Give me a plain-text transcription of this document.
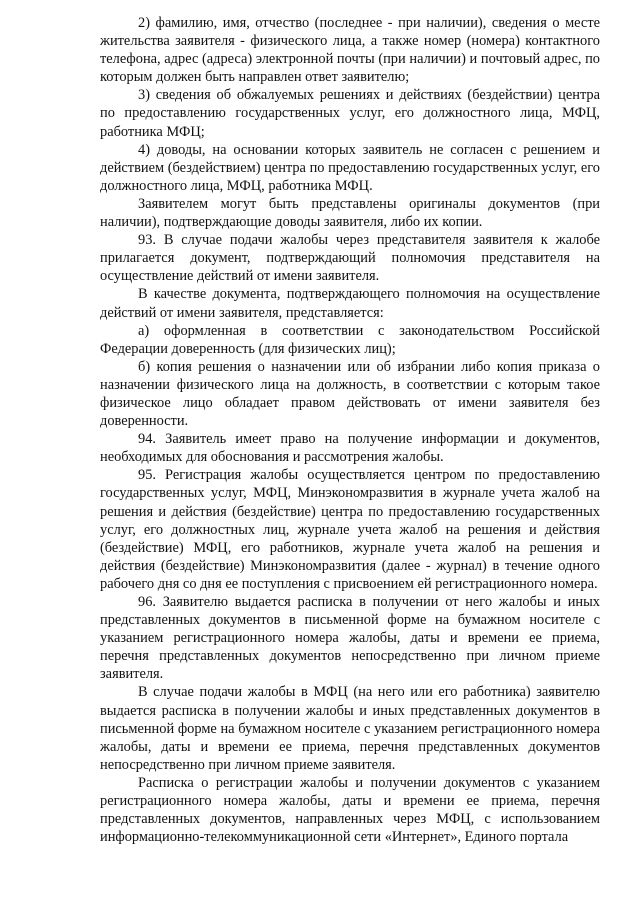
2) фамилию, имя, отчество (последнее - при наличии), сведения о месте жительства заявителя - физического лица, а также номер (номера) контактного телефона, адрес (адреса) электронной почты (при наличии) и почтовый адрес, по которым должен быть направлен ответ заявителю;

3) сведения об обжалуемых решениях и действиях (бездействии) центра по предоставлению государственных услуг, его должностного лица, МФЦ, работника МФЦ;

4) доводы, на основании которых заявитель не согласен с решением и действием (бездействием) центра по предоставлению государственных услуг, его должностного лица, МФЦ, работника МФЦ.

Заявителем могут быть представлены оригиналы документов (при наличии), подтверждающие доводы заявителя, либо их копии.

93. В случае подачи жалобы через представителя заявителя к жалобе прилагается документ, подтверждающий полномочия представителя на осуществление действий от имени заявителя.

В качестве документа, подтверждающего полномочия на осуществление действий от имени заявителя, представляется:

а) оформленная в соответствии с законодательством Российской Федерации доверенность (для физических лиц);

б) копия решения о назначении или об избрании либо копия приказа о назначении физического лица на должность, в соответствии с которым такое физическое лицо обладает правом действовать от имени заявителя без доверенности.

94. Заявитель имеет право на получение информации и документов, необходимых для обоснования и рассмотрения жалобы.

95. Регистрация жалобы осуществляется центром по предоставлению государственных услуг, МФЦ, Минэкономразвития в журнале учета жалоб на решения и действия (бездействие) центра по предоставлению государственных услуг, его должностных лиц, журнале учета жалоб на решения и действия (бездействие) МФЦ, его работников, журнале учета жалоб на решения и действия (бездействие) Минэкономразвития (далее - журнал) в течение одного рабочего дня со дня ее поступления с присвоением ей регистрационного номера.

96. Заявителю выдается расписка в получении от него жалобы и иных представленных документов в письменной форме на бумажном носителе с указанием регистрационного номера жалобы, даты и времени ее приема, перечня представленных документов непосредственно при личном приеме заявителя.

В случае подачи жалобы в МФЦ (на него или его работника) заявителю выдается расписка в получении жалобы и иных представленных документов в письменной форме на бумажном носителе с указанием регистрационного номера жалобы, даты и времени ее приема, перечня представленных документов непосредственно при личном приеме заявителя.

Расписка о регистрации жалобы и получении документов с указанием регистрационного номера жалобы, даты и времени ее приема, перечня представленных документов, направленных через МФЦ, с использованием информационно-телекоммуникационной сети «Интернет», Единого портала
